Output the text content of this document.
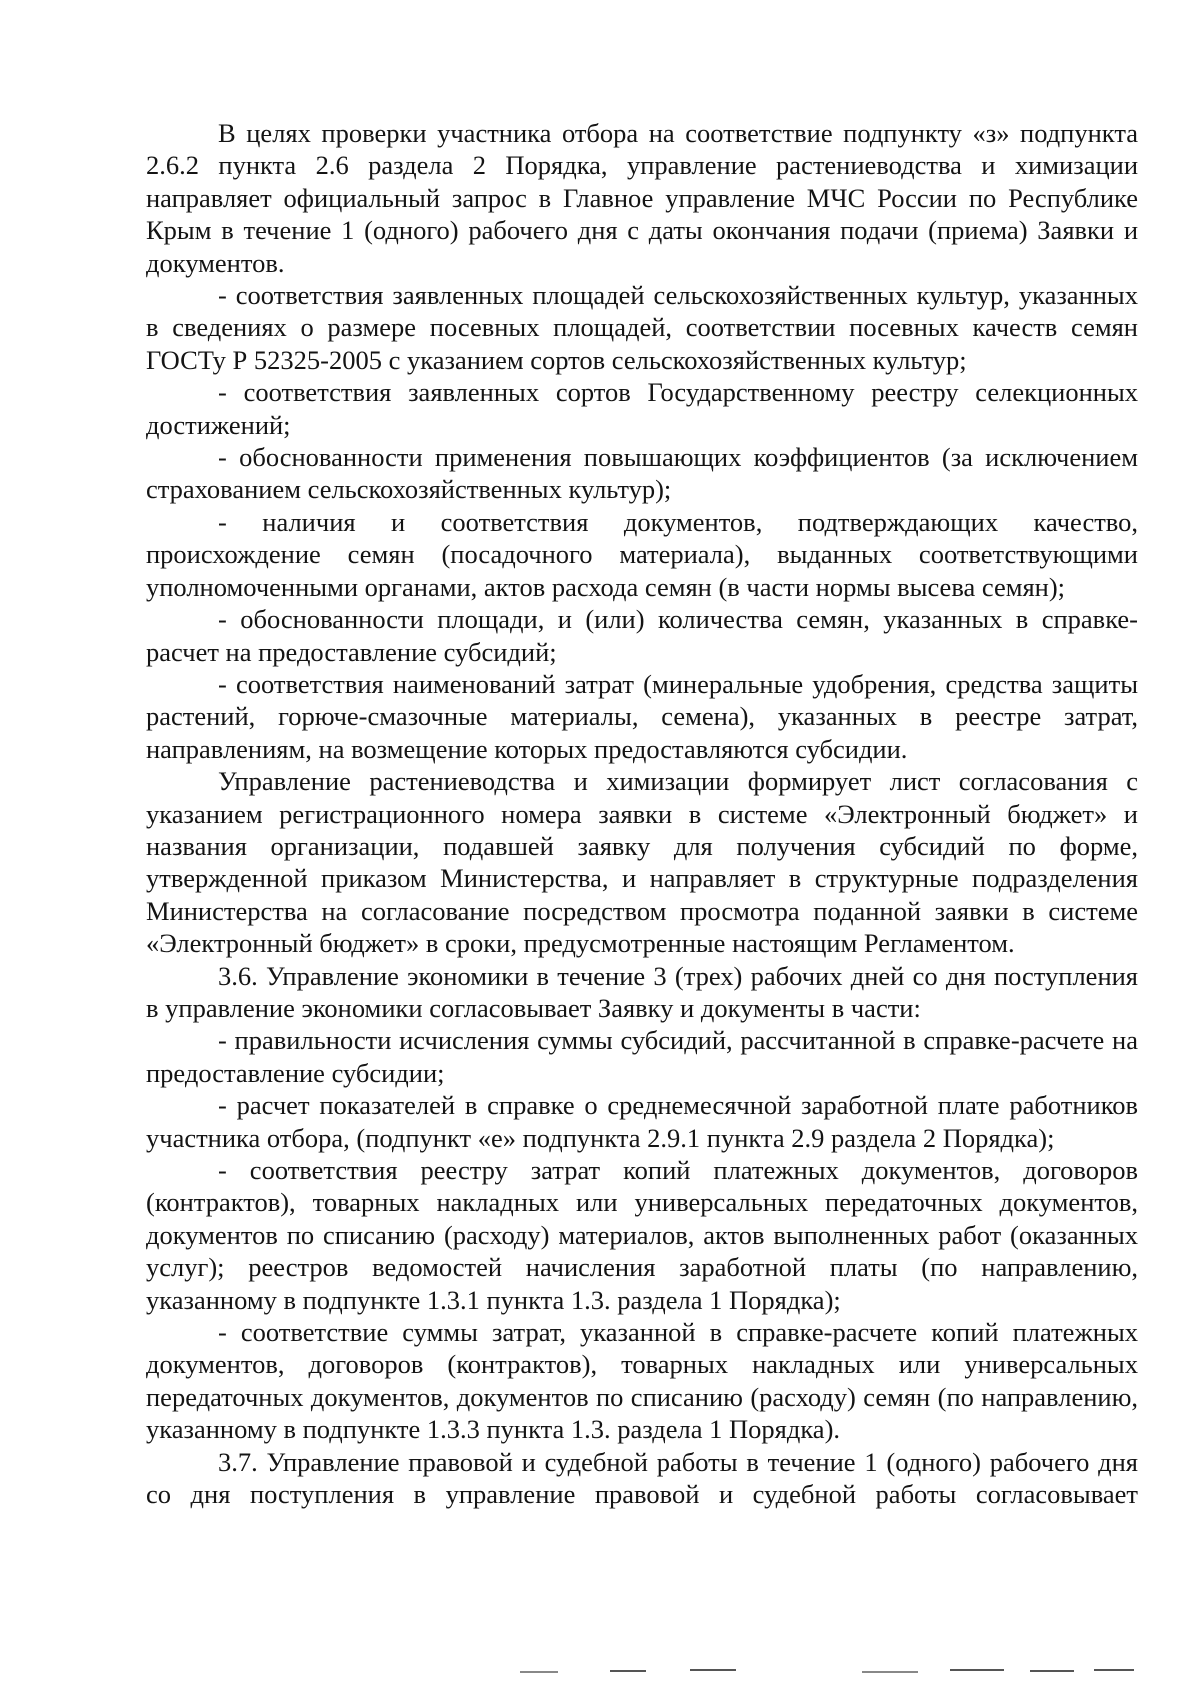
В целях проверки участника отбора на соответствие подпункту «з» подпункта 2.6.2 пункта 2.6 раздела 2 Порядка, управление растениеводства и химизации направляет официальный запрос в Главное управление МЧС России по Республике Крым в течение 1 (одного) рабочего дня с даты окончания подачи (приема) Заявки и документов.

- соответствия заявленных площадей сельскохозяйственных культур, указанных в сведениях о размере посевных площадей, соответствии посевных качеств семян ГОСТу Р 52325-2005 с указанием сортов сельскохозяйственных культур;

- соответствия заявленных сортов Государственному реестру селекционных достижений;

- обоснованности применения повышающих коэффициентов (за исключением страхованием сельскохозяйственных культур);

- наличия и соответствия документов, подтверждающих качество, происхождение семян (посадочного материала), выданных соответствующими уполномоченными органами, актов расхода семян (в части нормы высева семян);

- обоснованности площади, и (или) количества семян, указанных в справке-расчет на предоставление субсидий;

- соответствия наименований затрат (минеральные удобрения, средства защиты растений, горюче-смазочные материалы, семена), указанных в реестре затрат, направлениям, на возмещение которых предоставляются субсидии.

Управление растениеводства и химизации формирует лист согласования с указанием регистрационного номера заявки в системе «Электронный бюджет» и названия организации, подавшей заявку для получения субсидий по форме, утвержденной приказом Министерства, и направляет в структурные подразделения Министерства на согласование посредством просмотра поданной заявки в системе «Электронный бюджет» в сроки, предусмотренные настоящим Регламентом.

3.6. Управление экономики в течение 3 (трех) рабочих дней со дня поступления в управление экономики согласовывает Заявку и документы в части:

- правильности исчисления суммы субсидий, рассчитанной в справке-расчете на предоставление субсидии;

- расчет показателей в справке о среднемесячной заработной плате работников участника отбора, (подпункт «е» подпункта 2.9.1 пункта 2.9 раздела 2 Порядка);

- соответствия реестру затрат копий платежных документов, договоров (контрактов), товарных накладных или универсальных передаточных документов, документов по списанию (расходу) материалов, актов выполненных работ (оказанных услуг); реестров ведомостей начисления заработной платы (по направлению, указанному в подпункте 1.3.1 пункта 1.3. раздела 1 Порядка);

- соответствие суммы затрат, указанной в справке-расчете копий платежных документов, договоров (контрактов), товарных накладных или универсальных передаточных документов, документов по списанию (расходу) семян (по направлению, указанному в подпункте 1.3.3 пункта 1.3. раздела 1 Порядка).

3.7. Управление правовой и судебной работы в течение 1 (одного) рабочего дня со дня поступления в управление правовой и судебной работы согласовывает
